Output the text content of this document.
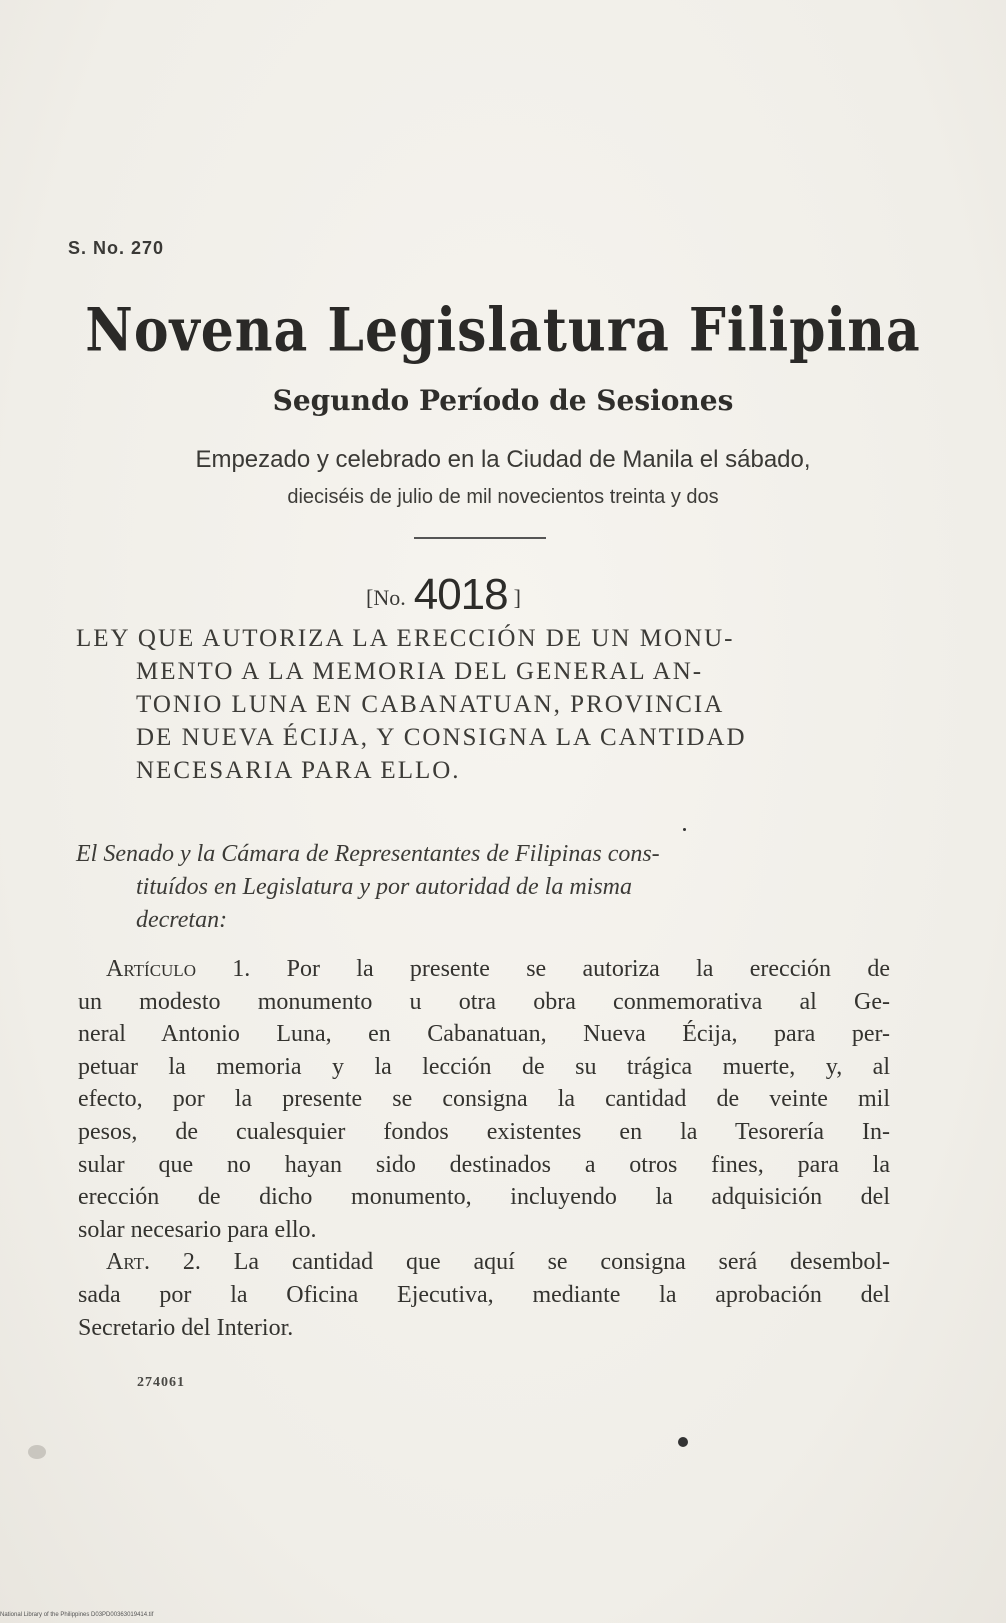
S. No. 270
Novena Legislatura Filipina
Segundo Período de Sesiones
Empezado y celebrado en la Ciudad de Manila el sábado,
dieciséis de julio de mil novecientos treinta y dos
[No. 4018 ]
LEY QUE AUTORIZA LA ERECCIÓN DE UN MONU-
MENTO A LA MEMORIA DEL GENERAL AN-
TONIO LUNA EN CABANATUAN, PROVINCIA
DE NUEVA ÉCIJA, Y CONSIGNA LA CANTIDAD
NECESARIA PARA ELLO.
El Senado y la Cámara de Representantes de Filipinas cons-
tituídos en Legislatura y por autoridad de la misma
decretan:
Artículo 1. Por la presente se autoriza la erección de
un modesto monumento u otra obra conmemorativa al Ge-
neral Antonio Luna, en Cabanatuan, Nueva Écija, para per-
petuar la memoria y la lección de su trágica muerte, y, al
efecto, por la presente se consigna la cantidad de veinte mil
pesos, de cualesquier fondos existentes en la Tesorería In-
sular que no hayan sido destinados a otros fines, para la
erección de dicho monumento, incluyendo la adquisición del
solar necesario para ello.
Art. 2. La cantidad que aquí se consigna será desembol-
sada por la Oficina Ejecutiva, mediante la aprobación del
Secretario del Interior.
274061
National Library of the Philippines D03PD00363019414.tif
